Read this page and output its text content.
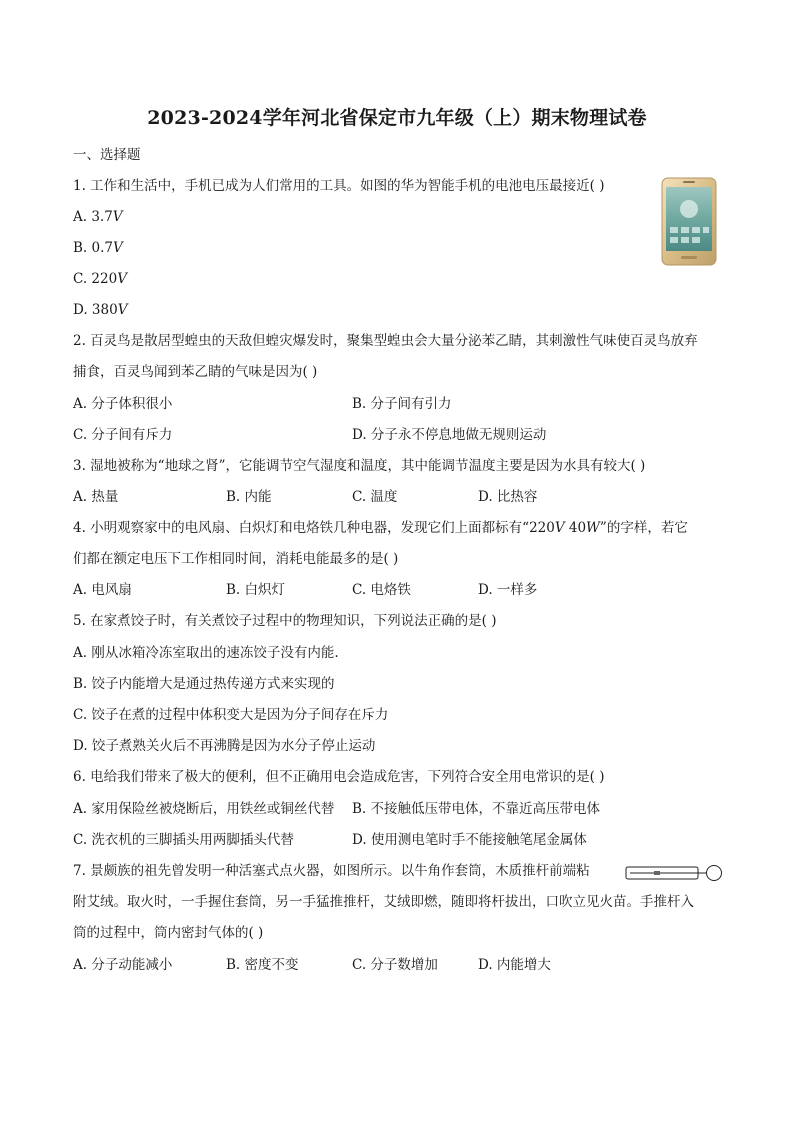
2023-2024学年河北省保定市九年级（上）期末物理试卷
一、选择题
1. 工作和生活中，手机已成为人们常用的工具。如图的华为智能手机的电池电压最接近( )
A. 3.7𝑉
B. 0.7𝑉
C. 220𝑉
D. 380𝑉
2. 百灵鸟是散居型蝗虫的天敌但蝗灾爆发时，聚集型蝗虫会大量分泌苯乙睛，其刺激性气味使百灵鸟放弃
捕食，百灵鸟闻到苯乙睛的气味是因为( )
A. 分子体积很小	B. 分子间有引力
C. 分子间有斥力	D. 分子永不停息地做无规则运动
3. 湿地被称为“地球之肾”，它能调节空气湿度和温度，其中能调节温度主要是因为水具有较大( )
A. 热量	B. 内能	C. 温度	D. 比热容
4. 小明观察家中的电风扇、白炽灯和电烙铁几种电器，发现它们上面都标有“220𝑉 40𝑊”的字样，若它
们都在额定电压下工作相同时间，消耗电能最多的是( )
A. 电风扇	B. 白炽灯	C. 电烙铁	D. 一样多
5. 在家煮饺子时，有关煮饺子过程中的物理知识，下列说法正确的是( )
A. 刚从冰箱冷冻室取出的速冻饺子没有内能.
B. 饺子内能增大是通过热传递方式来实现的
C. 饺子在煮的过程中体积变大是因为分子间存在斥力
D. 饺子煮熟关火后不再沸腾是因为水分子停止运动
6. 电给我们带来了极大的便利，但不正确用电会造成危害，下列符合安全用电常识的是( )
A. 家用保险丝被烧断后，用铁丝或铜丝代替 B. 不接触低压带电体，不靠近高压带电体
C. 洗衣机的三脚插头用两脚插头代替	D. 使用测电笔时手不能接触笔尾金属体
7. 景颇族的祖先曾发明一种活塞式点火器，如图所示。以牛角作套筒，木质推杆前端粘
附艾绒。取火时，一手握住套筒，另一手猛推推杆，艾绒即燃，随即将杆拔出，口吹立见火苗。手推杆入
筒的过程中，筒内密封气体的( )
A. 分子动能减小	B. 密度不变	C. 分子数增加	D. 内能增大
